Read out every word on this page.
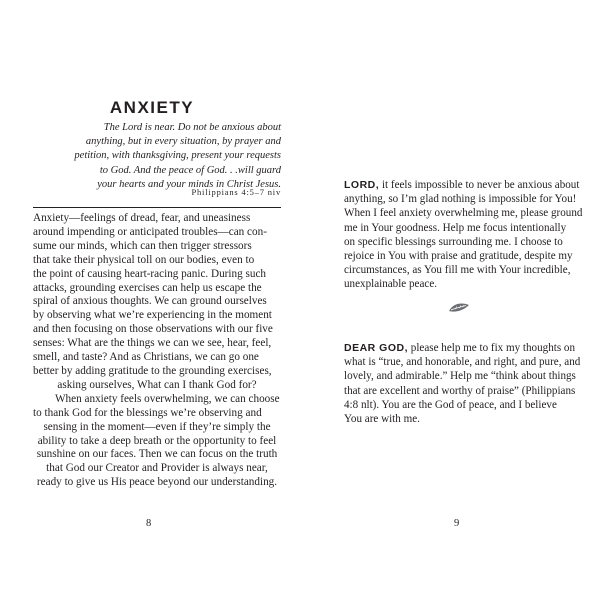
ANXIETY
The Lord is near. Do not be anxious about
anything, but in every situation, by prayer and
petition, with thanksgiving, present your requests
to God. And the peace of God. . .will guard
your hearts and your minds in Christ Jesus.
Philippians 4:5–7 niv
Anxiety—feelings of dread, fear, and uneasiness
around impending or anticipated troubles—can con-
sume our minds, which can then trigger stressors
that take their physical toll on our bodies, even to
the point of causing heart-racing panic. During such
attacks, grounding exercises can help us escape the
spiral of anxious thoughts. We can ground ourselves
by observing what we’re experiencing in the moment
and then focusing on those observations with our five
senses: What are the things we can we see, hear, feel,
smell, and taste? And as Christians, we can go one
better by adding gratitude to the grounding exercises,
asking ourselves, What can I thank God for?
When anxiety feels overwhelming, we can choose
to thank God for the blessings we’re observing and
sensing in the moment—even if they’re simply the
ability to take a deep breath or the opportunity to feel
sunshine on our faces. Then we can focus on the truth
that God our Creator and Provider is always near,
ready to give us His peace beyond our understanding.
8
LORD, it feels impossible to never be anxious about
anything, so I’m glad nothing is impossible for You!
When I feel anxiety overwhelming me, please ground
me in Your goodness. Help me focus intentionally
on specific blessings surrounding me. I choose to
rejoice in You with praise and gratitude, despite my
circumstances, as You fill me with Your incredible,
unexplainable peace.
DEAR GOD, please help me to fix my thoughts on
what is “true, and honorable, and right, and pure, and
lovely, and admirable.” Help me “think about things
that are excellent and worthy of praise” (Philippians
4:8 nlt). You are the God of peace, and I believe
You are with me.
9
